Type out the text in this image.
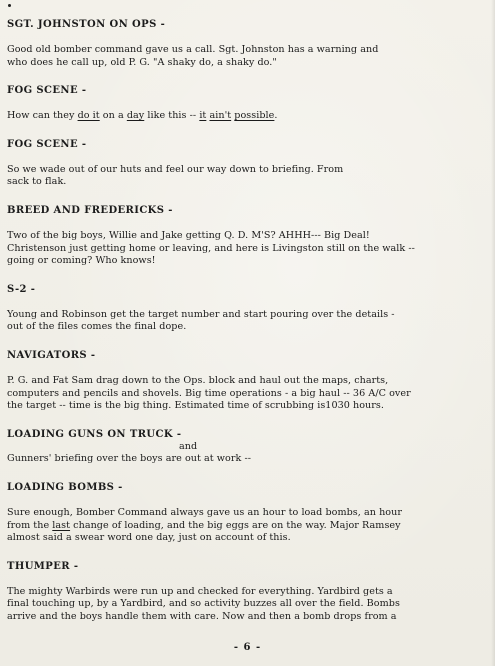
SGT. JOHNSTON ON OPS -

Good old bomber command gave us a call. Sgt. Johnston has a warning and
who does he call up, old P. G. "A shaky do, a shaky do."

FOG SCENE -

How can they do it on a day like this -- it ain't possible.

FOG SCENE -

So we wade out of our huts and feel our way down to briefing. From
sack to flak.

BREED AND FREDERICKS -

Two of the big boys, Willie and Jake getting Q. D. M'S? AHHH--- Big Deal!
Christenson just getting home or leaving, and here is Livingston still on the walk --
going or coming? Who knows!

S-2 -

Young and Robinson get the target number and start pouring over the details -
out of the files comes the final dope.

NAVIGATORS -

P. G. and Fat Sam drag down to the Ops. block and haul out the maps, charts,
computers and pencils and shovels. Big time operations - a big haul -- 36 A/C over
the target -- time is the big thing. Estimated time of scrubbing is1030 hours.

LOADING GUNS ON TRUCK -

and
Gunners' briefing over the boys are out at work --

LOADING BOMBS -

Sure enough, Bomber Command always gave us an hour to load bombs, an hour
from the last change of loading, and the big eggs are on the way. Major Ramsey
almost said a swear word one day, just on account of this.

THUMPER -

The mighty Warbirds were run up and checked for everything. Yardbird gets a
final touching up, by a Yardbird, and so activity buzzes all over the field. Bombs
arrive and the boys handle them with care. Now and then a bomb drops from a

- 6 -
